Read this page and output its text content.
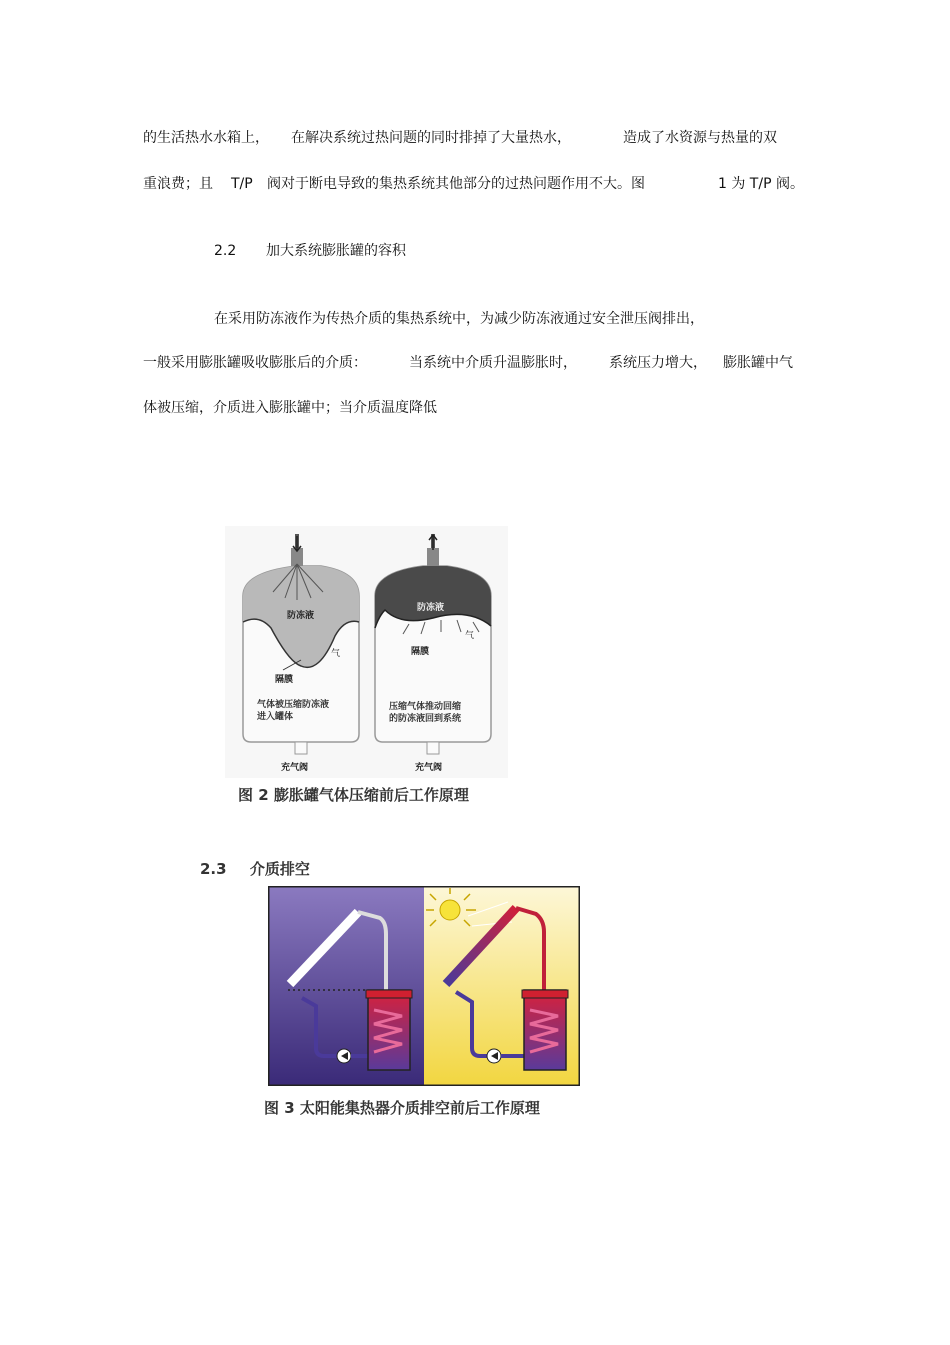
的生活热水水箱上， 在解决系统过热问题的同时排掉了大量热水，	造成了水资源与热量的双
重浪费；且 T/P 阀对于断电导致的集热系统其他部分的过热问题作用不大。图	1 为 T/P 阀。
2.2 加大系统膨胀罐的容积
在采用防冻液作为传热介质的集热系统中，为减少防冻液通过安全泄压阀排出，
一般采用膨胀罐吸收膨胀后的介质：	当系统中介质升温膨胀时， 系统压力增大， 膨胀罐中气
体被压缩，介质进入膨胀罐中；当介质温度降低
防冻液
气
隔膜
气体被压缩防冻液
进入罐体
充气阀
防冻液
气
隔膜
压缩气体推动回缩
的防冻液回到系统
充气阀
图 2 膨胀罐气体压缩前后工作原理
2.3 介质排空
图 3 太阳能集热器介质排空前后工作原理
